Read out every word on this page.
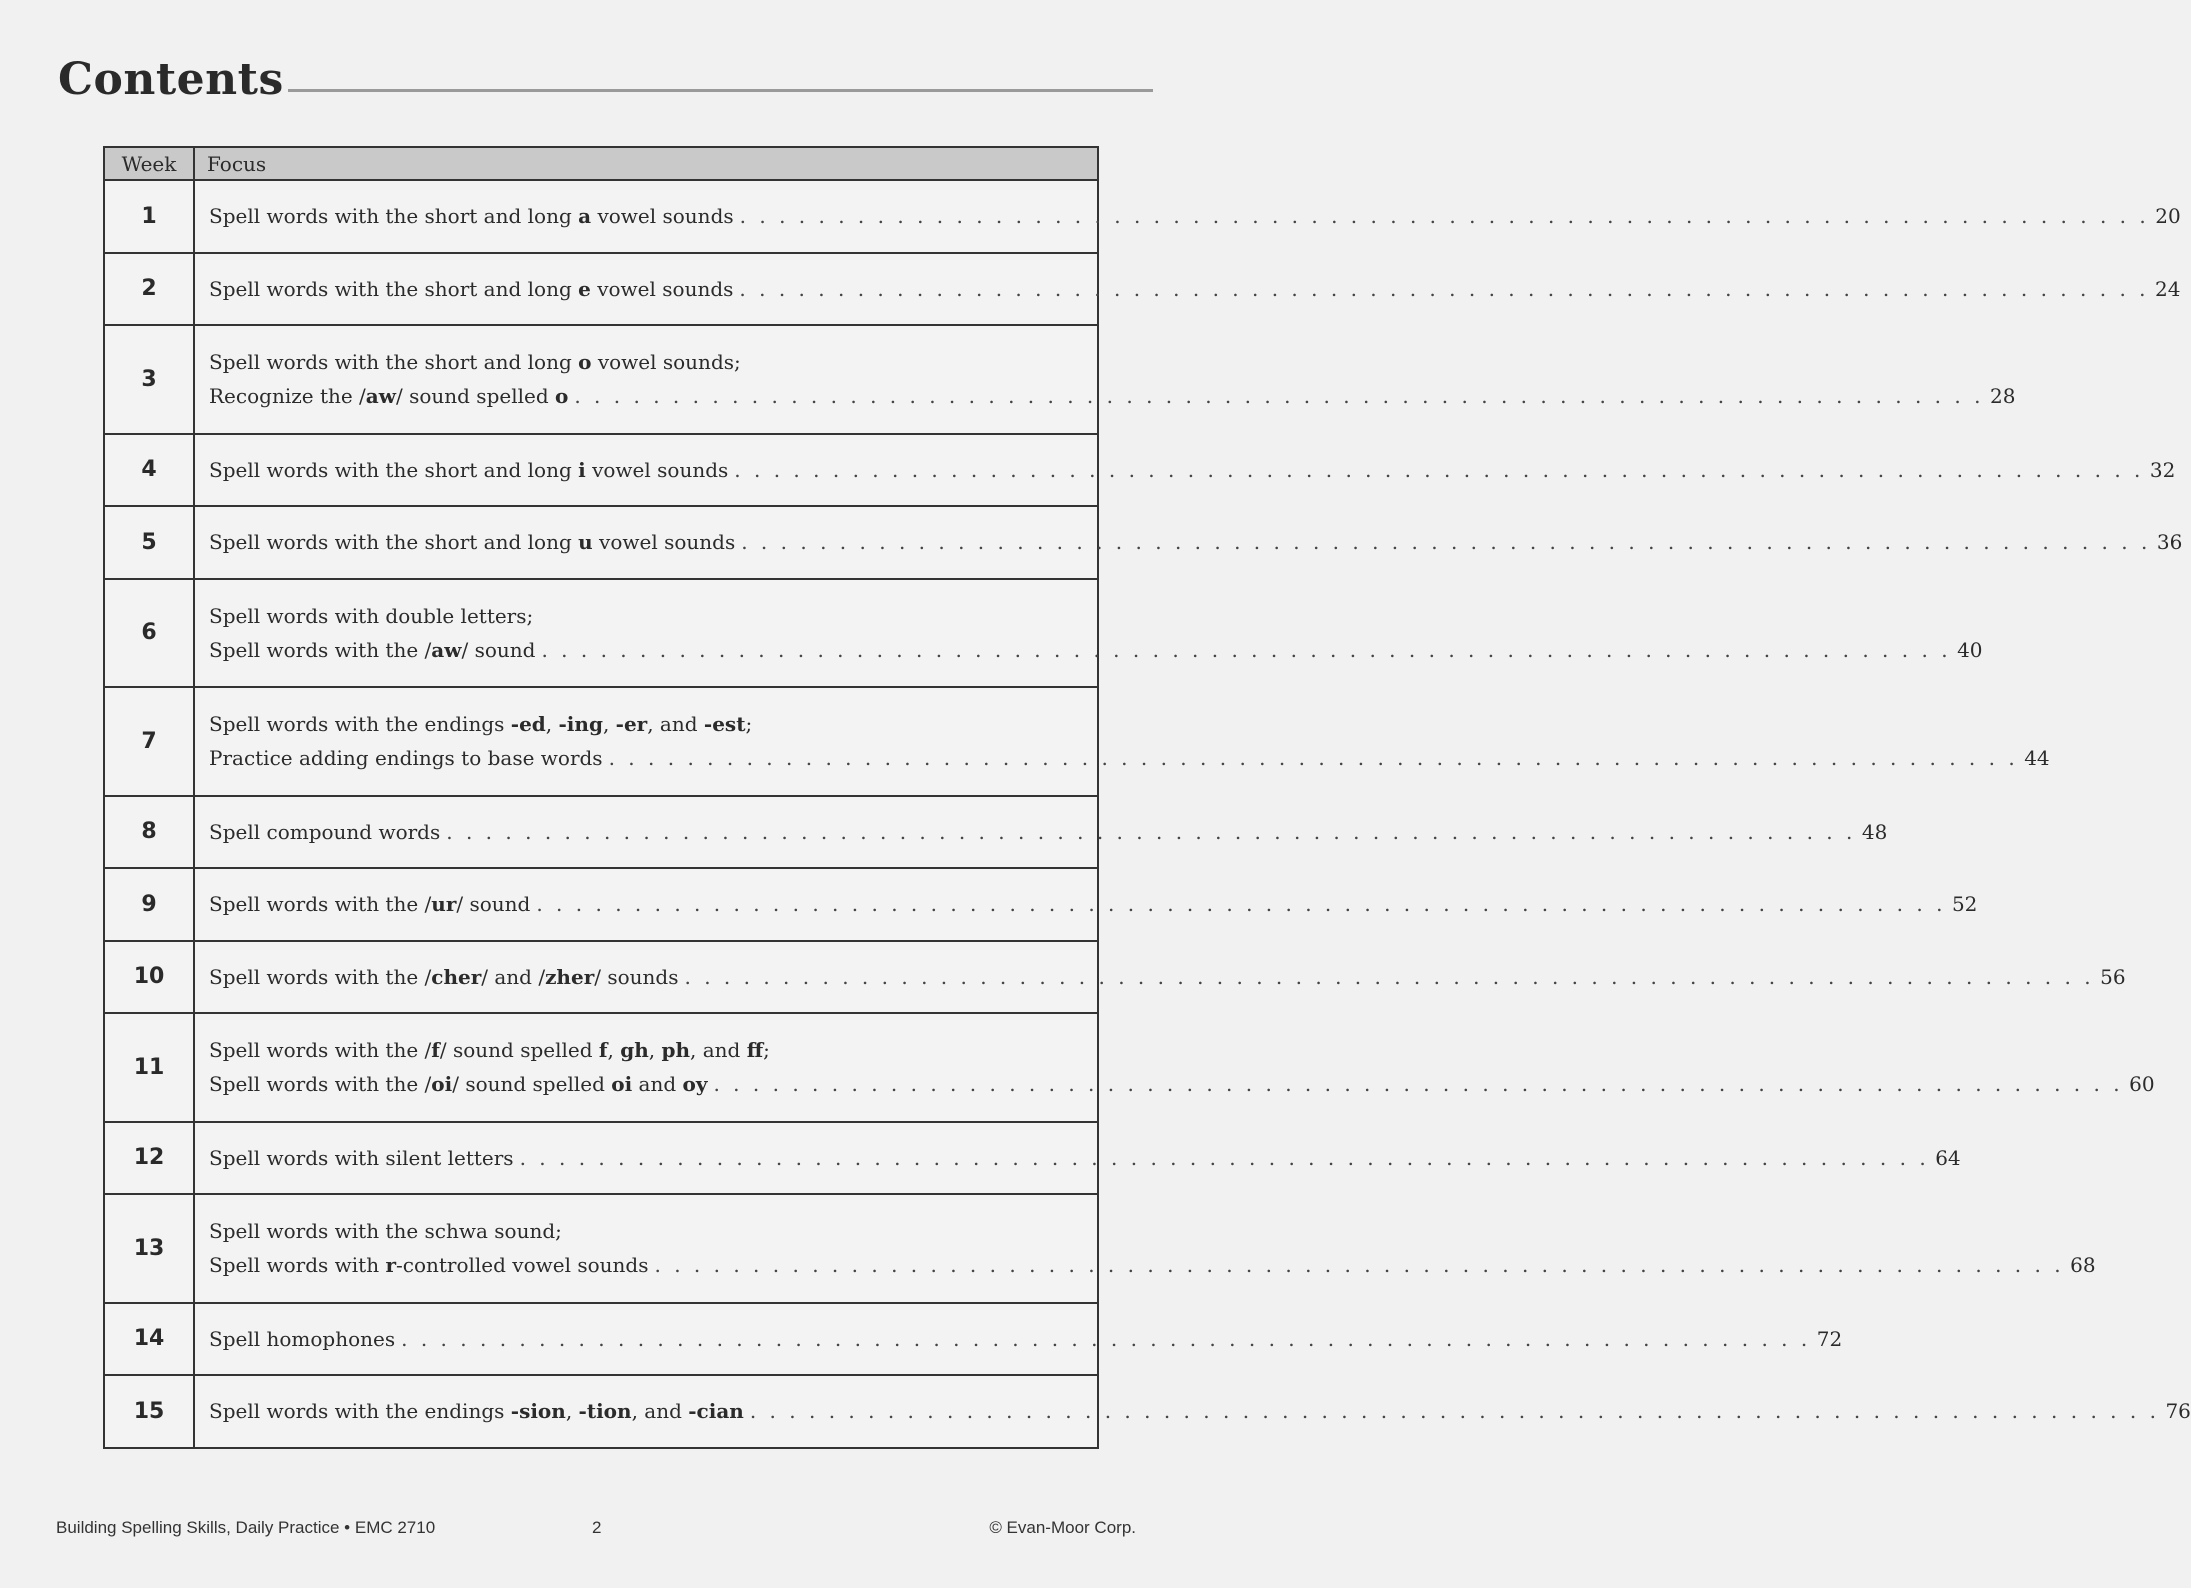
Contents
Week	Focus
1	Spell words with the short and long a vowel sounds . . . . . . . . . . . . . . . . . . . . . . . . . . . . . . . . . . . . . . . . . . . . . . . . . . . . . . . . . . . . . . . . . . . . . . . . 20

2	Spell words with the short and long e vowel sounds . . . . . . . . . . . . . . . . . . . . . . . . . . . . . . . . . . . . . . . . . . . . . . . . . . . . . . . . . . . . . . . . . . . . . . . . 24

3	Spell words with the short and long o vowel sounds;
Recognize the /aw/ sound spelled o . . . . . . . . . . . . . . . . . . . . . . . . . . . . . . . . . . . . . . . . . . . . . . . . . . . . . . . . . . . . . . . . . . . . . . . . 28

4	Spell words with the short and long i vowel sounds . . . . . . . . . . . . . . . . . . . . . . . . . . . . . . . . . . . . . . . . . . . . . . . . . . . . . . . . . . . . . . . . . . . . . . . . 32

5	Spell words with the short and long u vowel sounds . . . . . . . . . . . . . . . . . . . . . . . . . . . . . . . . . . . . . . . . . . . . . . . . . . . . . . . . . . . . . . . . . . . . . . . . 36

6	Spell words with double letters;
Spell words with the /aw/ sound . . . . . . . . . . . . . . . . . . . . . . . . . . . . . . . . . . . . . . . . . . . . . . . . . . . . . . . . . . . . . . . . . . . . . . . . 40

7	Spell words with the endings -ed, -ing, -er, and -est;
Practice adding endings to base words . . . . . . . . . . . . . . . . . . . . . . . . . . . . . . . . . . . . . . . . . . . . . . . . . . . . . . . . . . . . . . . . . . . . . . . . 44

8	Spell compound words . . . . . . . . . . . . . . . . . . . . . . . . . . . . . . . . . . . . . . . . . . . . . . . . . . . . . . . . . . . . . . . . . . . . . . . . 48

9	Spell words with the /ur/ sound . . . . . . . . . . . . . . . . . . . . . . . . . . . . . . . . . . . . . . . . . . . . . . . . . . . . . . . . . . . . . . . . . . . . . . . . 52

10	Spell words with the /cher/ and /zher/ sounds . . . . . . . . . . . . . . . . . . . . . . . . . . . . . . . . . . . . . . . . . . . . . . . . . . . . . . . . . . . . . . . . . . . . . . . . 56

11	Spell words with the /f/ sound spelled f, gh, ph, and ff;
Spell words with the /oi/ sound spelled oi and oy . . . . . . . . . . . . . . . . . . . . . . . . . . . . . . . . . . . . . . . . . . . . . . . . . . . . . . . . . . . . . . . . . . . . . . . . 60

12	Spell words with silent letters . . . . . . . . . . . . . . . . . . . . . . . . . . . . . . . . . . . . . . . . . . . . . . . . . . . . . . . . . . . . . . . . . . . . . . . . 64

13	Spell words with the schwa sound;
Spell words with r-controlled vowel sounds . . . . . . . . . . . . . . . . . . . . . . . . . . . . . . . . . . . . . . . . . . . . . . . . . . . . . . . . . . . . . . . . . . . . . . . . 68

14	Spell homophones . . . . . . . . . . . . . . . . . . . . . . . . . . . . . . . . . . . . . . . . . . . . . . . . . . . . . . . . . . . . . . . . . . . . . . . . 72

15	Spell words with the endings -sion, -tion, and -cian . . . . . . . . . . . . . . . . . . . . . . . . . . . . . . . . . . . . . . . . . . . . . . . . . . . . . . . . . . . . . . . . . . . . . . . . 76
Building Spelling Skills, Daily Practice • EMC 2710	2	© Evan-Moor Corp.
